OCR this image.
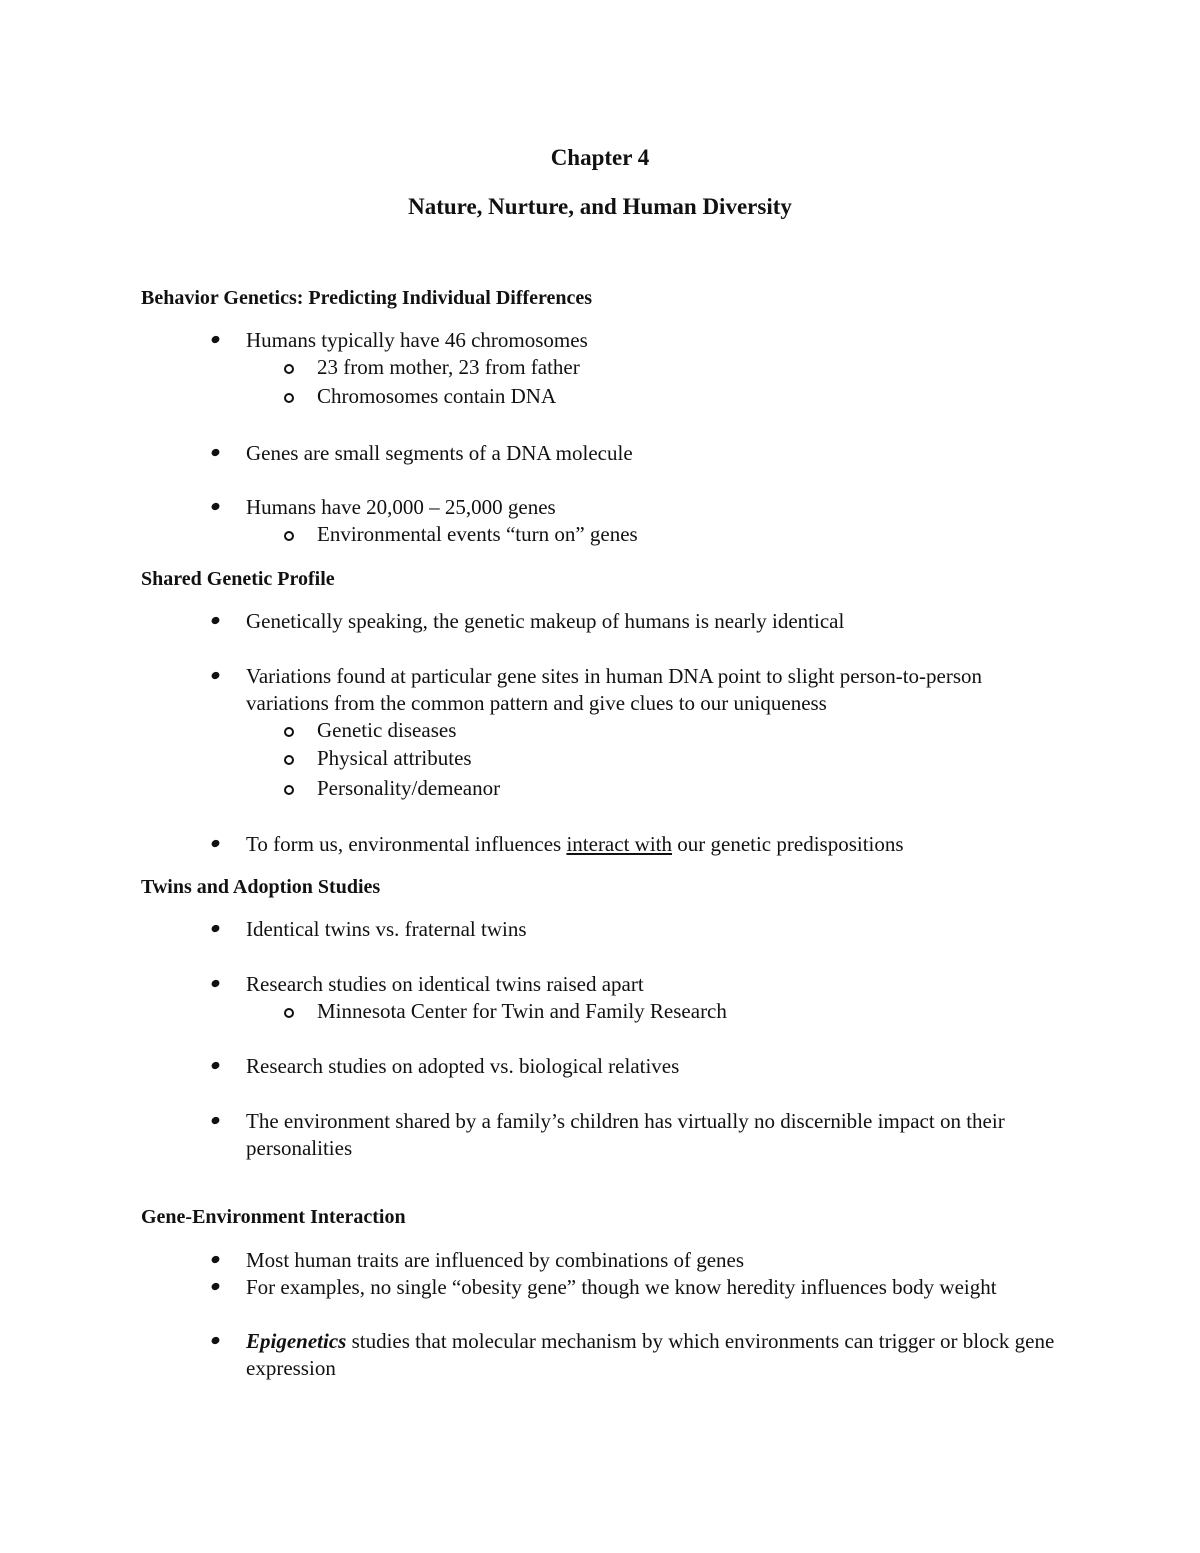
Chapter 4
Nature, Nurture, and Human Diversity
Behavior Genetics: Predicting Individual Differences

Humans typically have 46 chromosomes

23 from mother, 23 from father

Chromosomes contain DNA

Genes are small segments of a DNA molecule

Humans have 20,000 – 25,000 genes

Environmental events “turn on” genes

Shared Genetic Profile

Genetically speaking, the genetic makeup of humans is nearly identical

Variations found at particular gene sites in human DNA point to slight person-to-person variations from the common pattern and give clues to our uniqueness

Genetic diseases

Physical attributes

Personality/demeanor

To form us, environmental influences interact with our genetic predispositions

Twins and Adoption Studies

Identical twins vs. fraternal twins

Research studies on identical twins raised apart

Minnesota Center for Twin and Family Research

Research studies on adopted vs. biological relatives

The environment shared by a family’s children has virtually no discernible impact on their personalities

Gene-Environment Interaction

Most human traits are influenced by combinations of genes

For examples, no single “obesity gene” though we know heredity influences body weight

Epigenetics studies that molecular mechanism by which environments can trigger or block gene expression
